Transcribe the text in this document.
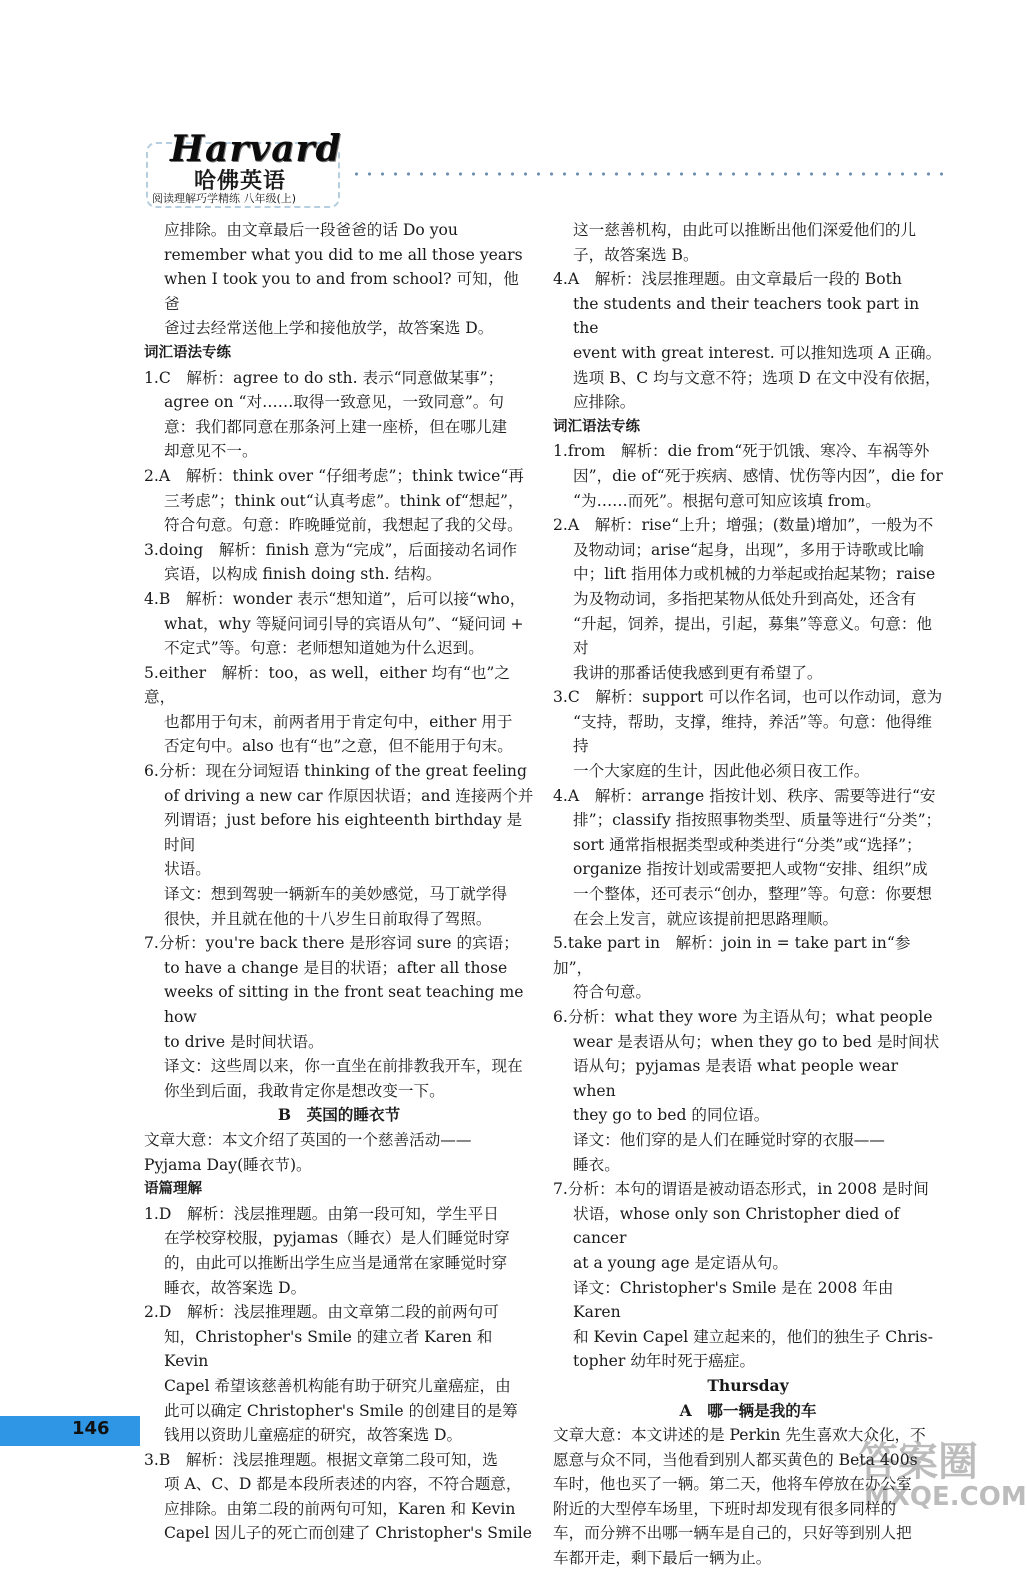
Harvard
哈佛英语
阅读理解巧学精练 八年级(上)

应排除。由文章最后一段爸爸的话 Do you

remember what you did to me all those years

when I took you to and from school? 可知，他爸

爸过去经常送他上学和接他放学，故答案选 D。

词汇语法专练

1.C　解析：agree to do sth. 表示“同意做某事”；

agree on “对……取得一致意见，一致同意”。句

意：我们都同意在那条河上建一座桥，但在哪儿建

却意见不一。

2.A　解析：think over “仔细考虑”；think twice“再

三考虑”；think out“认真考虑”。think of“想起”，

符合句意。句意：昨晚睡觉前，我想起了我的父母。

3.doing　解析：finish 意为“完成”，后面接动名词作

宾语，以构成 finish doing sth. 结构。

4.B　解析：wonder 表示“想知道”，后可以接“who，

what，why 等疑问词引导的宾语从句”、“疑问词 +

不定式”等。句意：老师想知道她为什么迟到。

5.either　解析：too，as well，either 均有“也”之意，

也都用于句末，前两者用于肯定句中，either 用于

否定句中。also 也有“也”之意，但不能用于句末。

6.分析：现在分词短语 thinking of the great feeling

of driving a new car 作原因状语；and 连接两个并

列谓语；just before his eighteenth birthday 是时间

状语。

译文：想到驾驶一辆新车的美妙感觉，马丁就学得

很快，并且就在他的十八岁生日前取得了驾照。

7.分析：you're back there 是形容词 sure 的宾语；

to have a change 是目的状语；after all those

weeks of sitting in the front seat teaching me how

to drive 是时间状语。

译文：这些周以来，你一直坐在前排教我开车，现在

你坐到后面，我敢肯定你是想改变一下。

B　英国的睡衣节

文章大意：本文介绍了英国的一个慈善活动——

Pyjama Day(睡衣节)。

语篇理解

1.D　解析：浅层推理题。由第一段可知，学生平日

在学校穿校服，pyjamas（睡衣）是人们睡觉时穿

的，由此可以推断出学生应当是通常在家睡觉时穿

睡衣，故答案选 D。

2.D　解析：浅层推理题。由文章第二段的前两句可

知，Christopher's Smile 的建立者 Karen 和 Kevin

Capel 希望该慈善机构能有助于研究儿童癌症，由

此可以确定 Christopher's Smile 的创建目的是筹

钱用以资助儿童癌症的研究，故答案选 D。

3.B　解析：浅层推理题。根据文章第二段可知，选

项 A、C、D 都是本段所表述的内容，不符合题意，

应排除。由第二段的前两句可知，Karen 和 Kevin

Capel 因儿子的死亡而创建了 Christopher's Smile

这一慈善机构，由此可以推断出他们深爱他们的儿

子，故答案选 B。

4.A　解析：浅层推理题。由文章最后一段的 Both

the students and their teachers took part in the

event with great interest. 可以推知选项 A 正确。

选项 B、C 均与文意不符；选项 D 在文中没有依据，

应排除。

词汇语法专练

1.from　解析：die from“死于饥饿、寒冷、车祸等外

因”，die of“死于疾病、感情、忧伤等内因”，die for

“为……而死”。根据句意可知应该填 from。

2.A　解析：rise“上升；增强；(数量)增加”，一般为不

及物动词；arise“起身，出现”，多用于诗歌或比喻

中；lift 指用体力或机械的力举起或抬起某物；raise

为及物动词，多指把某物从低处升到高处，还含有

“升起，饲养，提出，引起，募集”等意义。句意：他对

我讲的那番话使我感到更有希望了。

3.C　解析：support 可以作名词，也可以作动词，意为

“支持，帮助，支撑，维持，养活”等。句意：他得维持

一个大家庭的生计，因此他必须日夜工作。

4.A　解析：arrange 指按计划、秩序、需要等进行“安

排”；classify 指按照事物类型、质量等进行“分类”；

sort 通常指根据类型或种类进行“分类”或“选择”；

organize 指按计划或需要把人或物“安排、组织”成

一个整体，还可表示“创办，整理”等。句意：你要想

在会上发言，就应该提前把思路理顺。

5.take part in　解析：join in = take part in“参加”，

符合句意。

6.分析：what they wore 为主语从句；what people

wear 是表语从句；when they go to bed 是时间状

语从句；pyjamas 是表语 what people wear when

they go to bed 的同位语。

译文：他们穿的是人们在睡觉时穿的衣服——

睡衣。

7.分析：本句的谓语是被动语态形式，in 2008 是时间

状语，whose only son Christopher died of cancer

at a young age 是定语从句。

译文：Christopher's Smile 是在 2008 年由 Karen

和 Kevin Capel 建立起来的，他们的独生子 Chris-

topher 幼年时死于癌症。

Thursday

A　哪一辆是我的车

文章大意：本文讲述的是 Perkin 先生喜欢大众化，不

愿意与众不同，当他看到别人都买黄色的 Beta 400s

车时，他也买了一辆。第二天，他将车停放在办公室

附近的大型停车场里，下班时却发现有很多同样的

车，而分辨不出哪一辆车是自己的，只好等到别人把

车都开走，剩下最后一辆为止。

146
答案圈
MXQE.COM
